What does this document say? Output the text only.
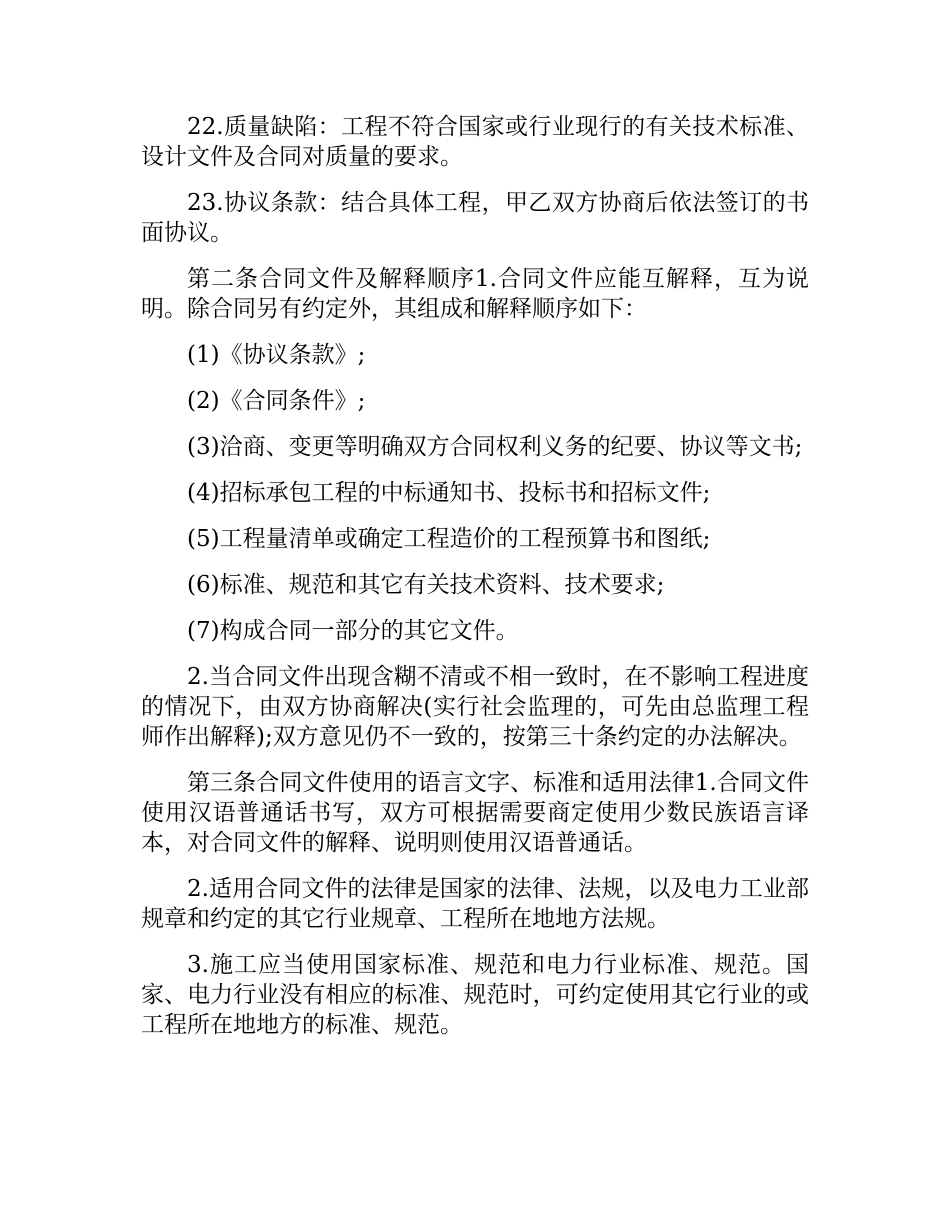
22.质量缺陷：工程不符合国家或行业现行的有关技术标准、设计文件及合同对质量的要求。

23.协议条款：结合具体工程，甲乙双方协商后依法签订的书面协议。

第二条合同文件及解释顺序1.合同文件应能互解释，互为说明。除合同另有约定外，其组成和解释顺序如下：

(1)《协议条款》;

(2)《合同条件》;

(3)洽商、变更等明确双方合同权利义务的纪要、协议等文书;

(4)招标承包工程的中标通知书、投标书和招标文件;

(5)工程量清单或确定工程造价的工程预算书和图纸;

(6)标准、规范和其它有关技术资料、技术要求;

(7)构成合同一部分的其它文件。

2.当合同文件出现含糊不清或不相一致时，在不影响工程进度的情况下，由双方协商解决(实行社会监理的，可先由总监理工程师作出解释);双方意见仍不一致的，按第三十条约定的办法解决。

第三条合同文件使用的语言文字、标准和适用法律1.合同文件使用汉语普通话书写，双方可根据需要商定使用少数民族语言译本，对合同文件的解释、说明则使用汉语普通话。

2.适用合同文件的法律是国家的法律、法规，以及电力工业部规章和约定的其它行业规章、工程所在地地方法规。

3.施工应当使用国家标准、规范和电力行业标准、规范。国家、电力行业没有相应的标准、规范时，可约定使用其它行业的或工程所在地地方的标准、规范。
